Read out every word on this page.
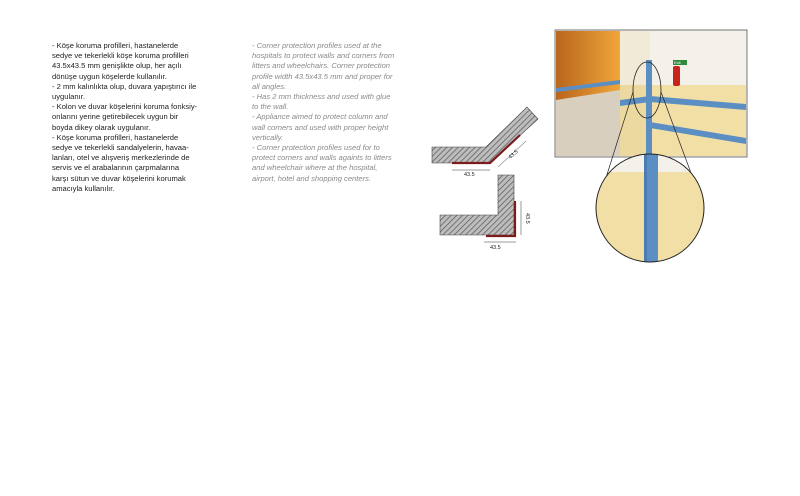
- Köşe koruma profilleri, hastanelerde
sedye ve tekerlekli köşe koruma profilleri
43.5x43.5 mm genişlikte olup, her açılı
dönüşe uygun köşelerde kullanılır.

- 2 mm kalınlıkta olup, duvara yapıştırıcı ile
uygulanır.

- Kolon ve duvar köşelerini koruma fonksiy-
onlarını yerine getirebilecek uygun bir
boyda dikey olarak uygulanır.

- Köşe koruma profilleri, hastanelerde
sedye ve tekerlekli sandalyelerin, havaa-
lanları, otel ve alışveriş merkezlerinde de
servis ve el arabalarının çarpmalarına
karşı sütun ve duvar köşelerini korumak
amacıyla kullanılır.

- Corner protection profiles used at the
hospitals to protect walls and corners from
litters and wheelchairs. Corner protection
profile width 43.5x43.5 mm and proper for
all angles.

- Has 2 mm thickness and used with glue
to the wall.

- Appliance aimed to protect column and
wall corners and used with proper height
vertically.

- Corner protection profiles used for to
protect corners and walls againts to litters
and wheelchair where at the hospital,
airport, hotel and shopping centers.	43.5
43.5
43.5
43.5
Exit
